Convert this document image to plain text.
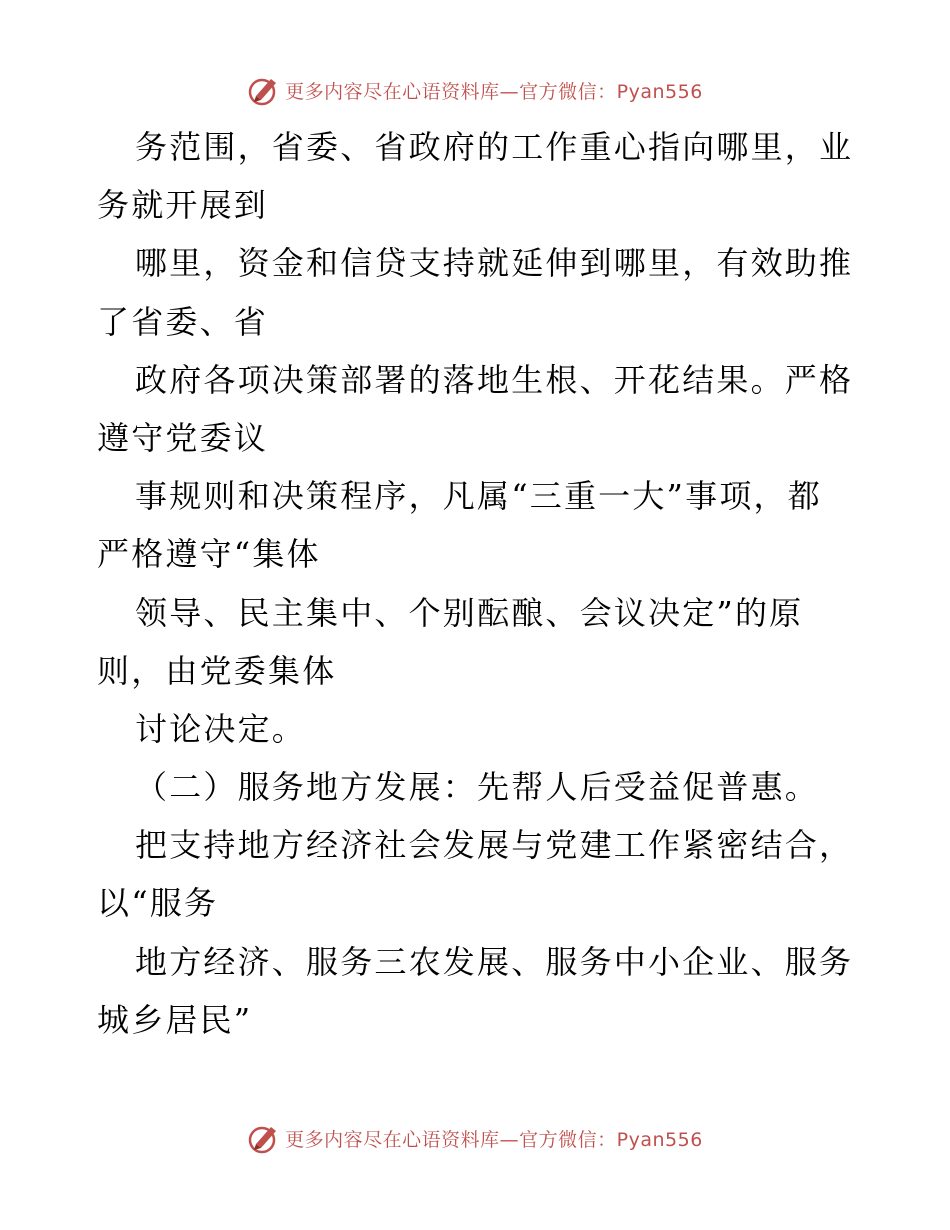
更多内容尽在心语资料库—官方微信：Pyan556
务范围，省委、省政府的工作重心指向哪里，业
务就开展到
哪里，资金和信贷支持就延伸到哪里，有效助推
了省委、省
政府各项决策部署的落地生根、开花结果。严格
遵守党委议
事规则和决策程序，凡属“三重一大”事项，都
严格遵守“集体
领导、民主集中、个别酝酿、会议决定”的原
则，由党委集体
讨论决定。
（二）服务地方发展：先帮人后受益促普惠。
把支持地方经济社会发展与党建工作紧密结合，
以“服务
地方经济、服务三农发展、服务中小企业、服务
城乡居民”
更多内容尽在心语资料库—官方微信：Pyan556
